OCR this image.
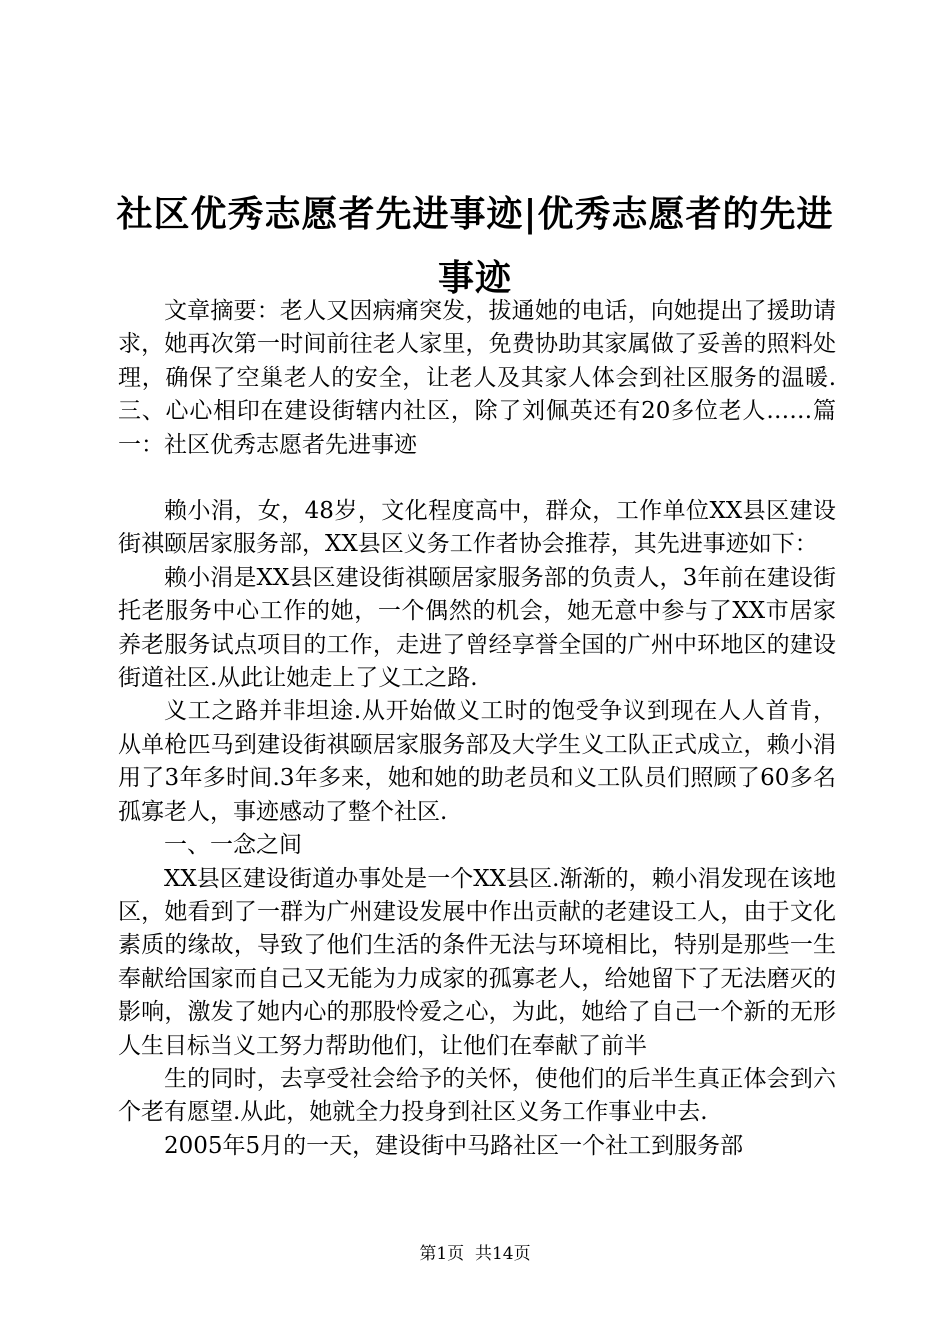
社区优秀志愿者先进事迹|优秀志愿者的先进事迹

文章摘要：老人又因病痛突发，拔通她的电话，向她提出了援助请求，她再次第一时间前往老人家里，免费协助其家属做了妥善的照料处理，确保了空巢老人的安全，让老人及其家人体会到社区服务的温暖.三、心心相印在建设街辖内社区，除了刘佩英还有20多位老人……篇一：社区优秀志愿者先进事迹

赖小涓，女，48岁，文化程度高中，群众，工作单位XX县区建设街祺颐居家服务部，XX县区义务工作者协会推荐，其先进事迹如下：

赖小涓是XX县区建设街祺颐居家服务部的负责人，3年前在建设街托老服务中心工作的她，一个偶然的机会，她无意中参与了XX市居家养老服务试点项目的工作，走进了曾经享誉全国的广州中环地区的建设街道社区.从此让她走上了义工之路.

义工之路并非坦途.从开始做义工时的饱受争议到现在人人首肯，从单枪匹马到建设街祺颐居家服务部及大学生义工队正式成立，赖小涓用了3年多时间.3年多来，她和她的助老员和义工队员们照顾了60多名孤寡老人，事迹感动了整个社区.

一、一念之间

XX县区建设街道办事处是一个XX县区.渐渐的，赖小涓发现在该地区，她看到了一群为广州建设发展中作出贡献的老建设工人，由于文化素质的缘故，导致了他们生活的条件无法与环境相比，特别是那些一生奉献给国家而自己又无能为力成家的孤寡老人，给她留下了无法磨灭的影响，激发了她内心的那股怜爱之心，为此，她给了自己一个新的无形人生目标当义工努力帮助他们，让他们在奉献了前半

生的同时，去享受社会给予的关怀，使他们的后半生真正体会到六个老有愿望.从此，她就全力投身到社区义务工作事业中去.

2005年5月的一天，建设街中马路社区一个社工到服务部

第1页  共14页
